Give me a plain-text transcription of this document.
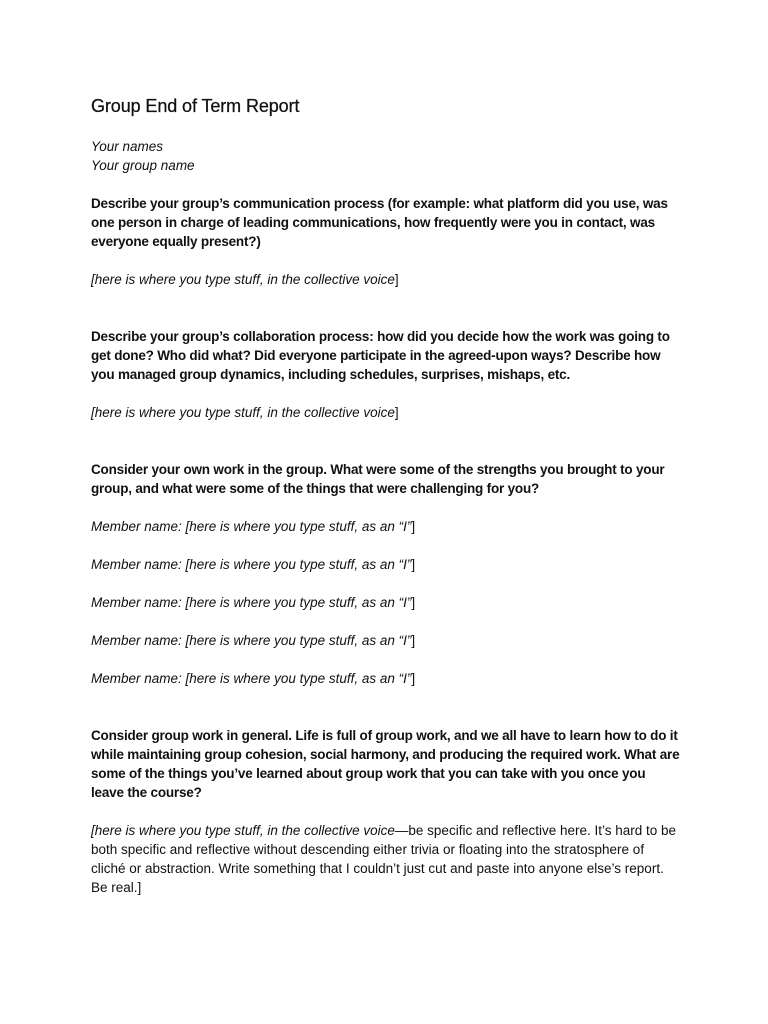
Group End of Term Report
Your names
Your group name

Describe your group’s communication process (for example: what platform did you use, was one person in charge of leading communications, how frequently were you in contact, was everyone equally present?)

[here is where you type stuff, in the collective voice]

Describe your group’s collaboration process: how did you decide how the work was going to get done? Who did what? Did everyone participate in the agreed-upon ways? Describe how you managed group dynamics, including schedules, surprises, mishaps, etc.

[here is where you type stuff, in the collective voice]

Consider your own work in the group. What were some of the strengths you brought to your group, and what were some of the things that were challenging for you?

Member name: [here is where you type stuff, as an “I”]

Member name: [here is where you type stuff, as an “I”]

Member name: [here is where you type stuff, as an “I”]

Member name: [here is where you type stuff, as an “I”]

Member name: [here is where you type stuff, as an “I”]

Consider group work in general. Life is full of group work, and we all have to learn how to do it while maintaining group cohesion, social harmony, and producing the required work. What are some of the things you’ve learned about group work that you can take with you once you leave the course?

[here is where you type stuff, in the collective voice—be specific and reflective here. It’s hard to be both specific and reflective without descending either trivia or floating into the stratosphere of cliché or abstraction. Write something that I couldn’t just cut and paste into anyone else’s report. Be real.]
